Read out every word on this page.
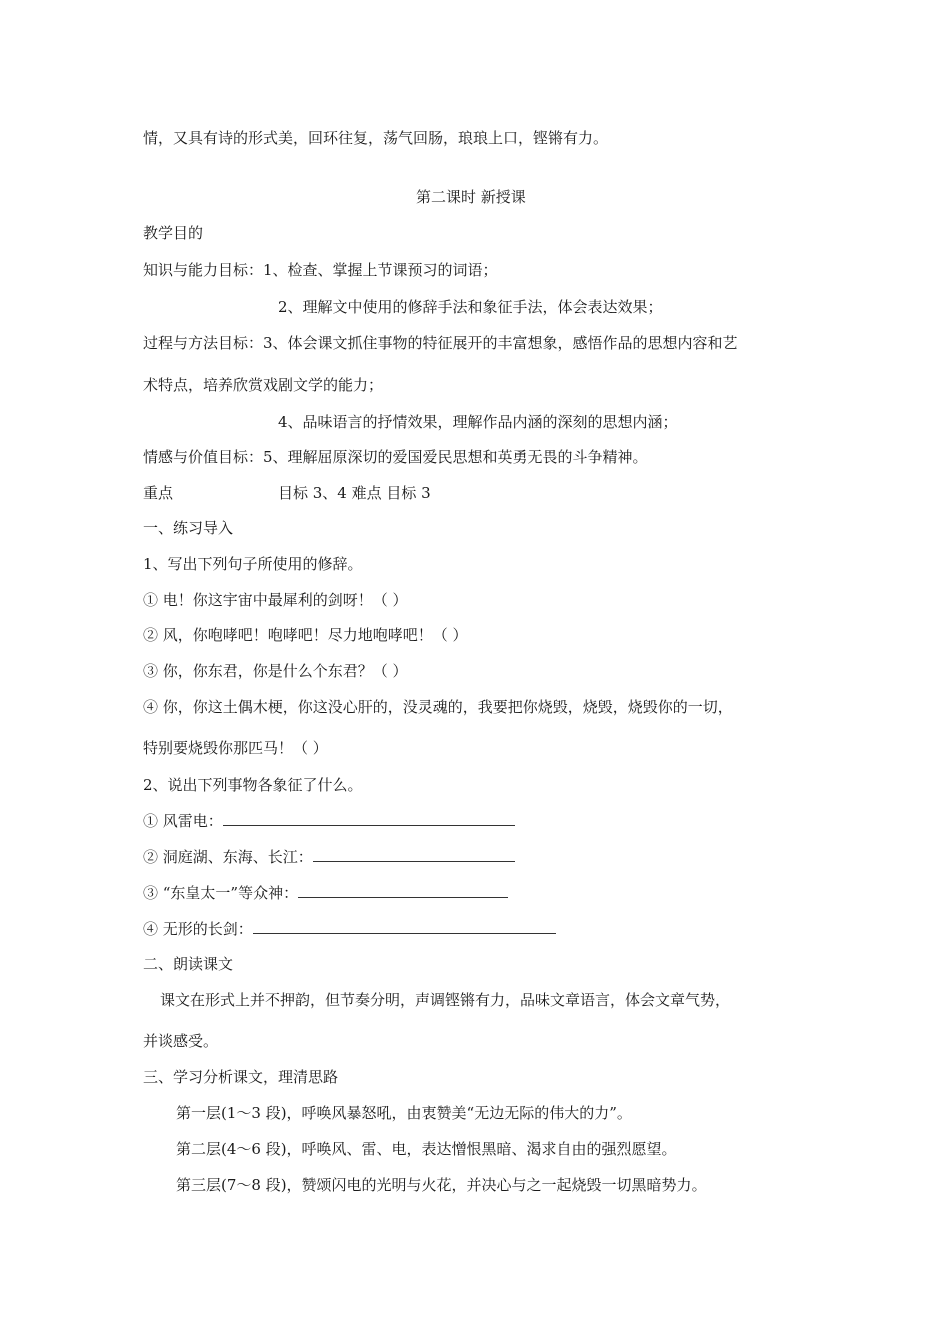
情，又具有诗的形式美，回环往复，荡气回肠，琅琅上口，铿锵有力。
第二课时 新授课
教学目的
知识与能力目标：1、检查、掌握上节课预习的词语；
2、理解文中使用的修辞手法和象征手法，体会表达效果；
过程与方法目标：3、体会课文抓住事物的特征展开的丰富想象，感悟作品的思想内容和艺
术特点，培养欣赏戏剧文学的能力；
4、品味语言的抒情效果，理解作品内涵的深刻的思想内涵；
情感与价值目标：5、理解屈原深切的爱国爱民思想和英勇无畏的斗争精神。
重点	目标 3、4 难点 目标 3
一、练习导入
1、写出下列句子所使用的修辞。
① 电！你这宇宙中最犀利的剑呀！（ ）
② 风，你咆哮吧！咆哮吧！尽力地咆哮吧！（ ）
③ 你，你东君，你是什么个东君？（ ）
④ 你，你这土偶木梗，你这没心肝的，没灵魂的，我要把你烧毁，烧毁，烧毁你的一切，
特别要烧毁你那匹马！（ ）
2、说出下列事物各象征了什么。
① 风雷电：
② 洞庭湖、东海、长江：
③ “东皇太一”等众神：
④ 无形的长剑：
二、朗读课文
课文在形式上并不押韵，但节奏分明，声调铿锵有力，品味文章语言，体会文章气势，
并谈感受。
三、学习分析课文，理清思路
第一层(1～3 段)，呼唤风暴怒吼，由衷赞美“无边无际的伟大的力”。
第二层(4～6 段)，呼唤风、雷、电，表达憎恨黑暗、渴求自由的强烈愿望。
第三层(7～8 段)，赞颂闪电的光明与火花，并决心与之一起烧毁一切黑暗势力。
